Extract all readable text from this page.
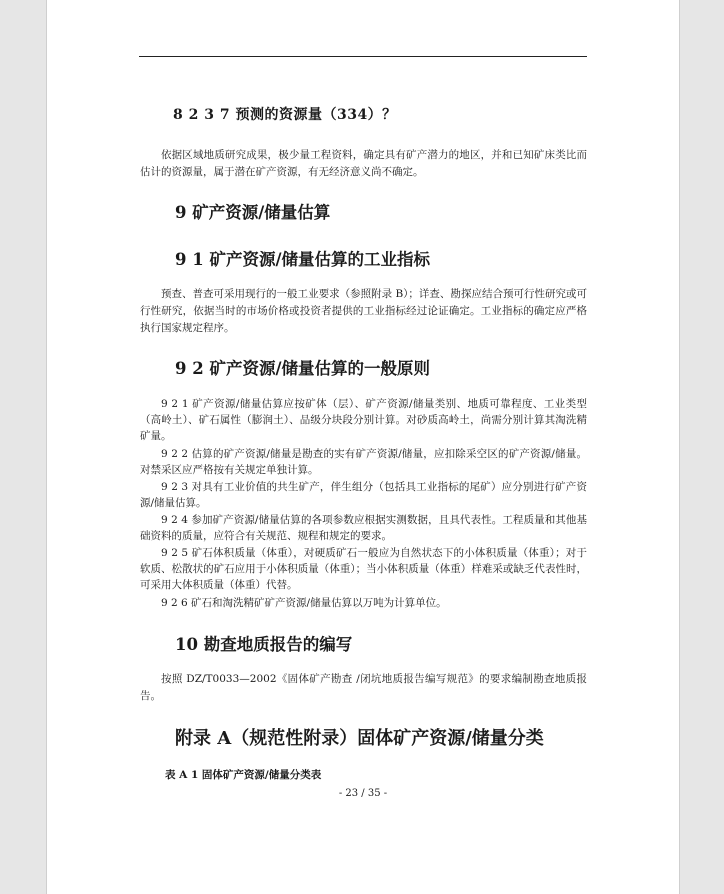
8 2 3 7 预测的资源量（334）？
依据区域地质研究成果，极少量工程资料，确定具有矿产潜力的地区，并和已知矿床类比而估计的资源量，属于潜在矿产资源，有无经济意义尚不确定。
9 矿产资源/储量估算
9 1 矿产资源/储量估算的工业指标
预查、普查可采用现行的一般工业要求（参照附录 B）；详查、勘探应结合预可行性研究或可行性研究，依据当时的市场价格或投资者提供的工业指标经过论证确定。工业指标的确定应严格执行国家规定程序。
9 2 矿产资源/储量估算的一般原则
9 2 1 矿产资源/储量估算应按矿体（层）、矿产资源/储量类别、地质可靠程度、工业类型（高岭土）、矿石属性（膨润土）、品级分块段分别计算。对砂质高岭土，尚需分别计算其淘洗精矿量。
9 2 2 估算的矿产资源/储量是勘查的实有矿产资源/储量，应扣除采空区的矿产资源/储量。对禁采区应严格按有关规定单独计算。
9 2 3 对具有工业价值的共生矿产，伴生组分（包括具工业指标的尾矿）应分别进行矿产资源/储量估算。
9 2 4 参加矿产资源/储量估算的各项参数应根据实测数据，且具代表性。工程质量和其他基础资料的质量，应符合有关规范、规程和规定的要求。
9 2 5 矿石体积质量（体重），对硬质矿石一般应为自然状态下的小体积质量（体重）；对于软质、松散状的矿石应用于小体积质量（体重）；当小体积质量（体重）样难采或缺乏代表性时，可采用大体积质量（体重）代替。
9 2 6 矿石和淘洗精矿矿产资源/储量估算以万吨为计算单位。
10 勘查地质报告的编写
按照 DZ/T0033—2002《固体矿产勘查 /闭坑地质报告编写规范》的要求编制勘查地质报告。
附录 A（规范性附录）固体矿产资源/储量分类
表 A 1 固体矿产资源/储量分类表
- 23 / 35 -
